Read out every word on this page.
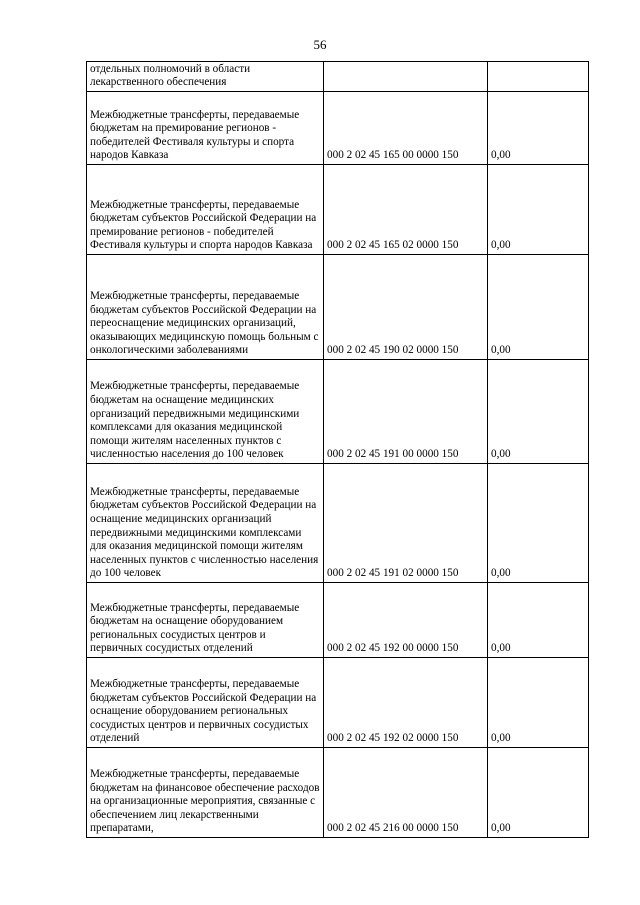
56
отдельных полномочий в области лекарственного обеспечения		
Межбюджетные трансферты, передаваемые бюджетам на премирование регионов - победителей Фестиваля культуры и спорта народов Кавказа	000 2 02 45 165 00 0000 150	0,00
Межбюджетные трансферты, передаваемые бюджетам субъектов Российской Федерации на премирование регионов - победителей Фестиваля культуры и спорта народов Кавказа	000 2 02 45 165 02 0000 150	0,00
Межбюджетные трансферты, передаваемые бюджетам субъектов Российской Федерации на переоснащение медицинских организаций, оказывающих медицинскую помощь больным с онкологическими заболеваниями	000 2 02 45 190 02 0000 150	0,00
Межбюджетные трансферты, передаваемые бюджетам на оснащение медицинских организаций передвижными медицинскими комплексами для оказания медицинской помощи жителям населенных пунктов с численностью населения до 100 человек	000 2 02 45 191 00 0000 150	0,00
Межбюджетные трансферты, передаваемые бюджетам субъектов Российской Федерации на оснащение медицинских организаций передвижными медицинскими комплексами для оказания медицинской помощи жителям населенных пунктов с численностью населения до 100 человек	000 2 02 45 191 02 0000 150	0,00
Межбюджетные трансферты, передаваемые бюджетам на оснащение оборудованием региональных сосудистых центров и первичных сосудистых отделений	000 2 02 45 192 00 0000 150	0,00
Межбюджетные трансферты, передаваемые бюджетам субъектов Российской Федерации на оснащение оборудованием региональных сосудистых центров и первичных сосудистых отделений	000 2 02 45 192 02 0000 150	0,00
Межбюджетные трансферты, передаваемые бюджетам на финансовое обеспечение расходов на организационные мероприятия, связанные с обеспечением лиц лекарственными препаратами,	000 2 02 45 216 00 0000 150	0,00
